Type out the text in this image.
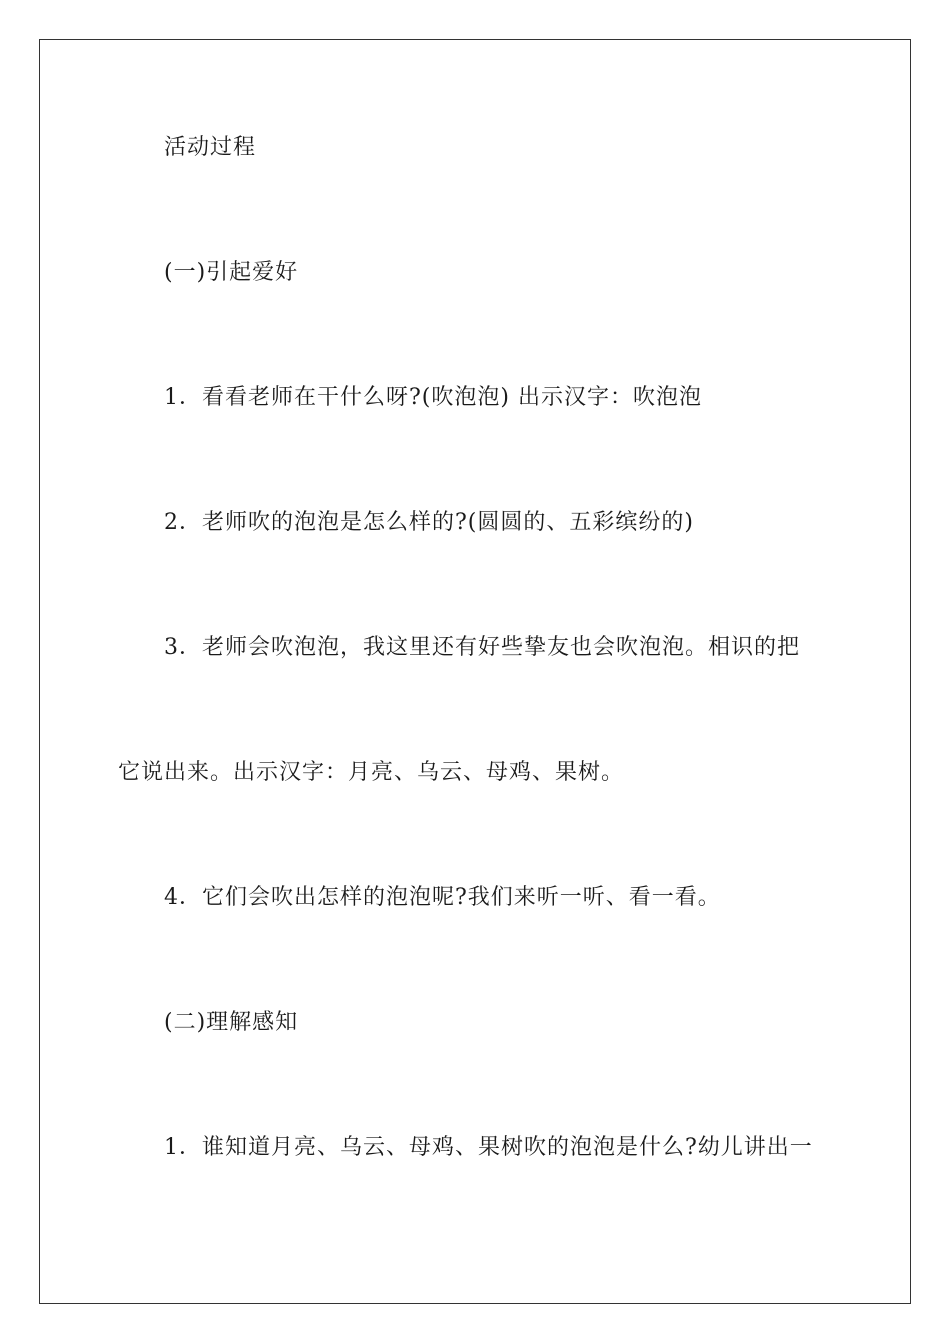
活动过程
(一)引起爱好
1．看看老师在干什么呀?(吹泡泡) 出示汉字：吹泡泡
2．老师吹的泡泡是怎么样的?(圆圆的、五彩缤纷的)
3．老师会吹泡泡，我这里还有好些挚友也会吹泡泡。相识的把
它说出来。出示汉字：月亮、乌云、母鸡、果树。
4．它们会吹出怎样的泡泡呢?我们来听一听、看一看。
(二)理解感知
1．谁知道月亮、乌云、母鸡、果树吹的泡泡是什么?幼儿讲出一
